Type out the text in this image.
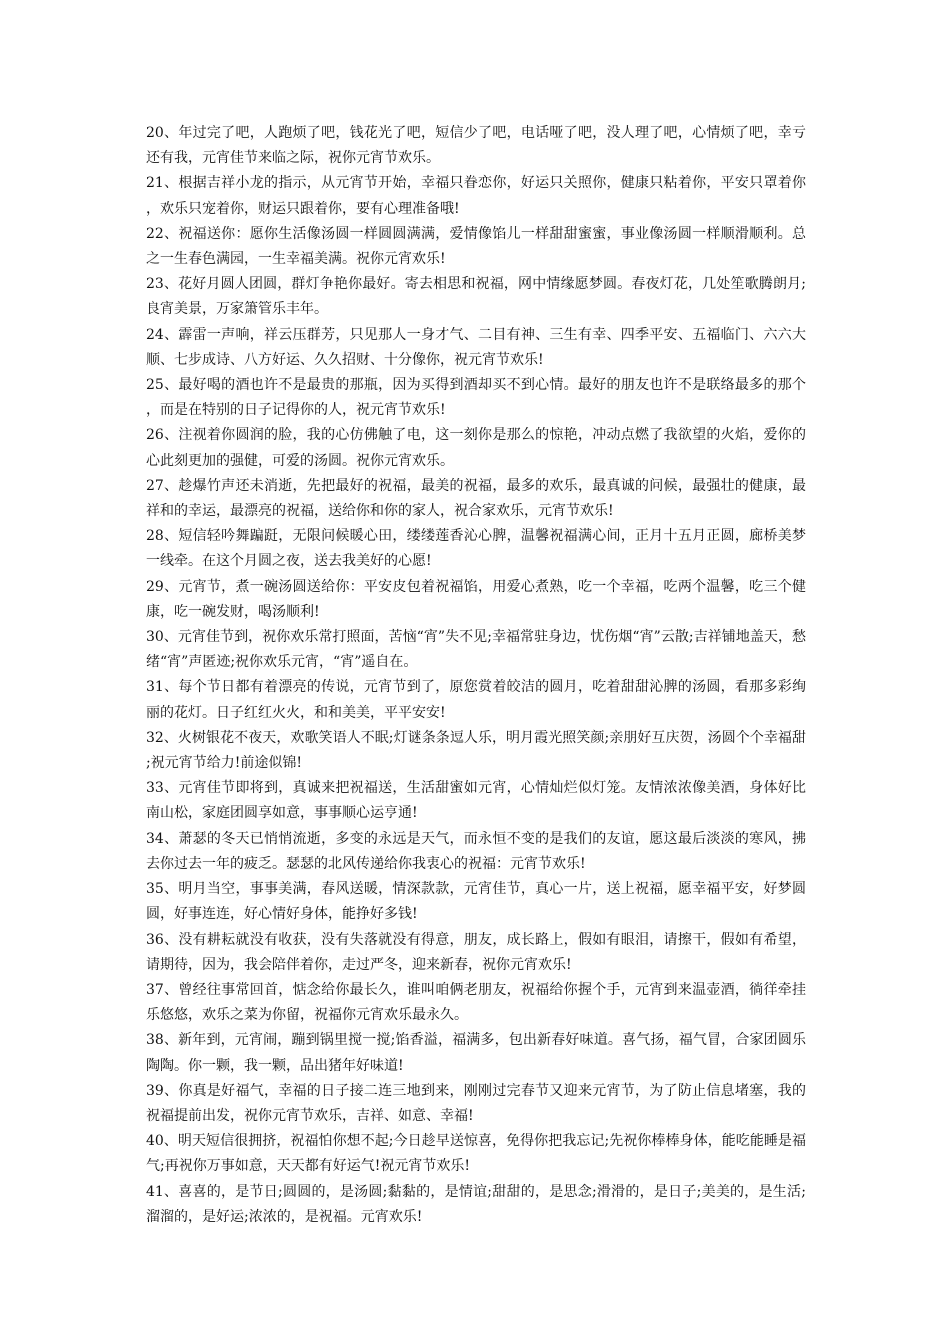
20、年过完了吧，人跑烦了吧，钱花光了吧，短信少了吧，电话哑了吧，没人理了吧，心情烦了吧，幸亏还有我，元宵佳节来临之际，祝你元宵节欢乐。

21、根据吉祥小龙的指示，从元宵节开始，幸福只眷恋你，好运只关照你，健康只粘着你，平安只罩着你，欢乐只宠着你，财运只跟着你，要有心理准备哦!

22、祝福送你：愿你生活像汤圆一样圆圆满满，爱情像馅儿一样甜甜蜜蜜，事业像汤圆一样顺滑顺利。总之一生春色满园，一生幸福美满。祝你元宵欢乐!

23、花好月圆人团圆，群灯争艳你最好。寄去相思和祝福，网中情缘愿梦圆。春夜灯花，几处笙歌腾朗月;良宵美景，万家箫管乐丰年。

24、霹雷一声响，祥云压群芳，只见那人一身才气、二目有神、三生有幸、四季平安、五福临门、六六大顺、七步成诗、八方好运、久久招财、十分像你，祝元宵节欢乐!

25、最好喝的酒也许不是最贵的那瓶，因为买得到酒却买不到心情。最好的朋友也许不是联络最多的那个，而是在特别的日子记得你的人，祝元宵节欢乐!

26、注视着你圆润的脸，我的心仿佛触了电，这一刻你是那么的惊艳，冲动点燃了我欲望的火焰，爱你的心此刻更加的强健，可爱的汤圆。祝你元宵欢乐。

27、趁爆竹声还未消逝，先把最好的祝福，最美的祝福，最多的欢乐，最真诚的问候，最强壮的健康，最祥和的幸运，最漂亮的祝福，送给你和你的家人，祝合家欢乐，元宵节欢乐!

28、短信轻吟舞蹁跹，无限问候暖心田，缕缕莲香沁心脾，温馨祝福满心间，正月十五月正圆，廊桥美梦一线牵。在这个月圆之夜，送去我美好的心愿!

29、元宵节，煮一碗汤圆送给你：平安皮包着祝福馅，用爱心煮熟，吃一个幸福，吃两个温馨，吃三个健康，吃一碗发财，喝汤顺利!

30、元宵佳节到，祝你欢乐常打照面，苦恼“宵”失不见;幸福常驻身边，忧伤烟“宵”云散;吉祥铺地盖天，愁绪“宵”声匿迹;祝你欢乐元宵，“宵”遥自在。

31、每个节日都有着漂亮的传说，元宵节到了，原您赏着皎洁的圆月，吃着甜甜沁脾的汤圆，看那多彩绚丽的花灯。日子红红火火，和和美美，平平安安!

32、火树银花不夜天，欢歌笑语人不眠;灯谜条条逗人乐，明月霞光照笑颜;亲朋好互庆贺，汤圆个个幸福甜;祝元宵节给力!前途似锦!

33、元宵佳节即将到，真诚来把祝福送，生活甜蜜如元宵，心情灿烂似灯笼。友情浓浓像美酒，身体好比南山松，家庭团圆享如意，事事顺心运亨通!

34、萧瑟的冬天已悄悄流逝，多变的永远是天气，而永恒不变的是我们的友谊，愿这最后淡淡的寒风，拂去你过去一年的疲乏。瑟瑟的北风传递给你我衷心的祝福：元宵节欢乐!

35、明月当空，事事美满，春风送暖，情深款款，元宵佳节，真心一片，送上祝福，愿幸福平安，好梦圆圆，好事连连，好心情好身体，能挣好多钱!

36、没有耕耘就没有收获，没有失落就没有得意，朋友，成长路上，假如有眼泪，请擦干，假如有希望，请期待，因为，我会陪伴着你，走过严冬，迎来新春，祝你元宵欢乐!

37、曾经往事常回首，惦念给你最长久，谁叫咱俩老朋友，祝福给你握个手，元宵到来温壶酒，徜徉牵挂乐悠悠，欢乐之菜为你留，祝福你元宵欢乐最永久。

38、新年到，元宵闹，蹦到锅里搅一搅;馅香溢，福满多，包出新春好味道。喜气扬，福气冒，合家团圆乐陶陶。你一颗，我一颗，品出猪年好味道!

39、你真是好福气，幸福的日子接二连三地到来，刚刚过完春节又迎来元宵节，为了防止信息堵塞，我的祝福提前出发，祝你元宵节欢乐，吉祥、如意、幸福!

40、明天短信很拥挤，祝福怕你想不起;今日趁早送惊喜，免得你把我忘记;先祝你棒棒身体，能吃能睡是福气;再祝你万事如意，天天都有好运气!祝元宵节欢乐!

41、喜喜的，是节日;圆圆的，是汤圆;黏黏的，是情谊;甜甜的，是思念;滑滑的，是日子;美美的，是生活;溜溜的，是好运;浓浓的，是祝福。元宵欢乐!
